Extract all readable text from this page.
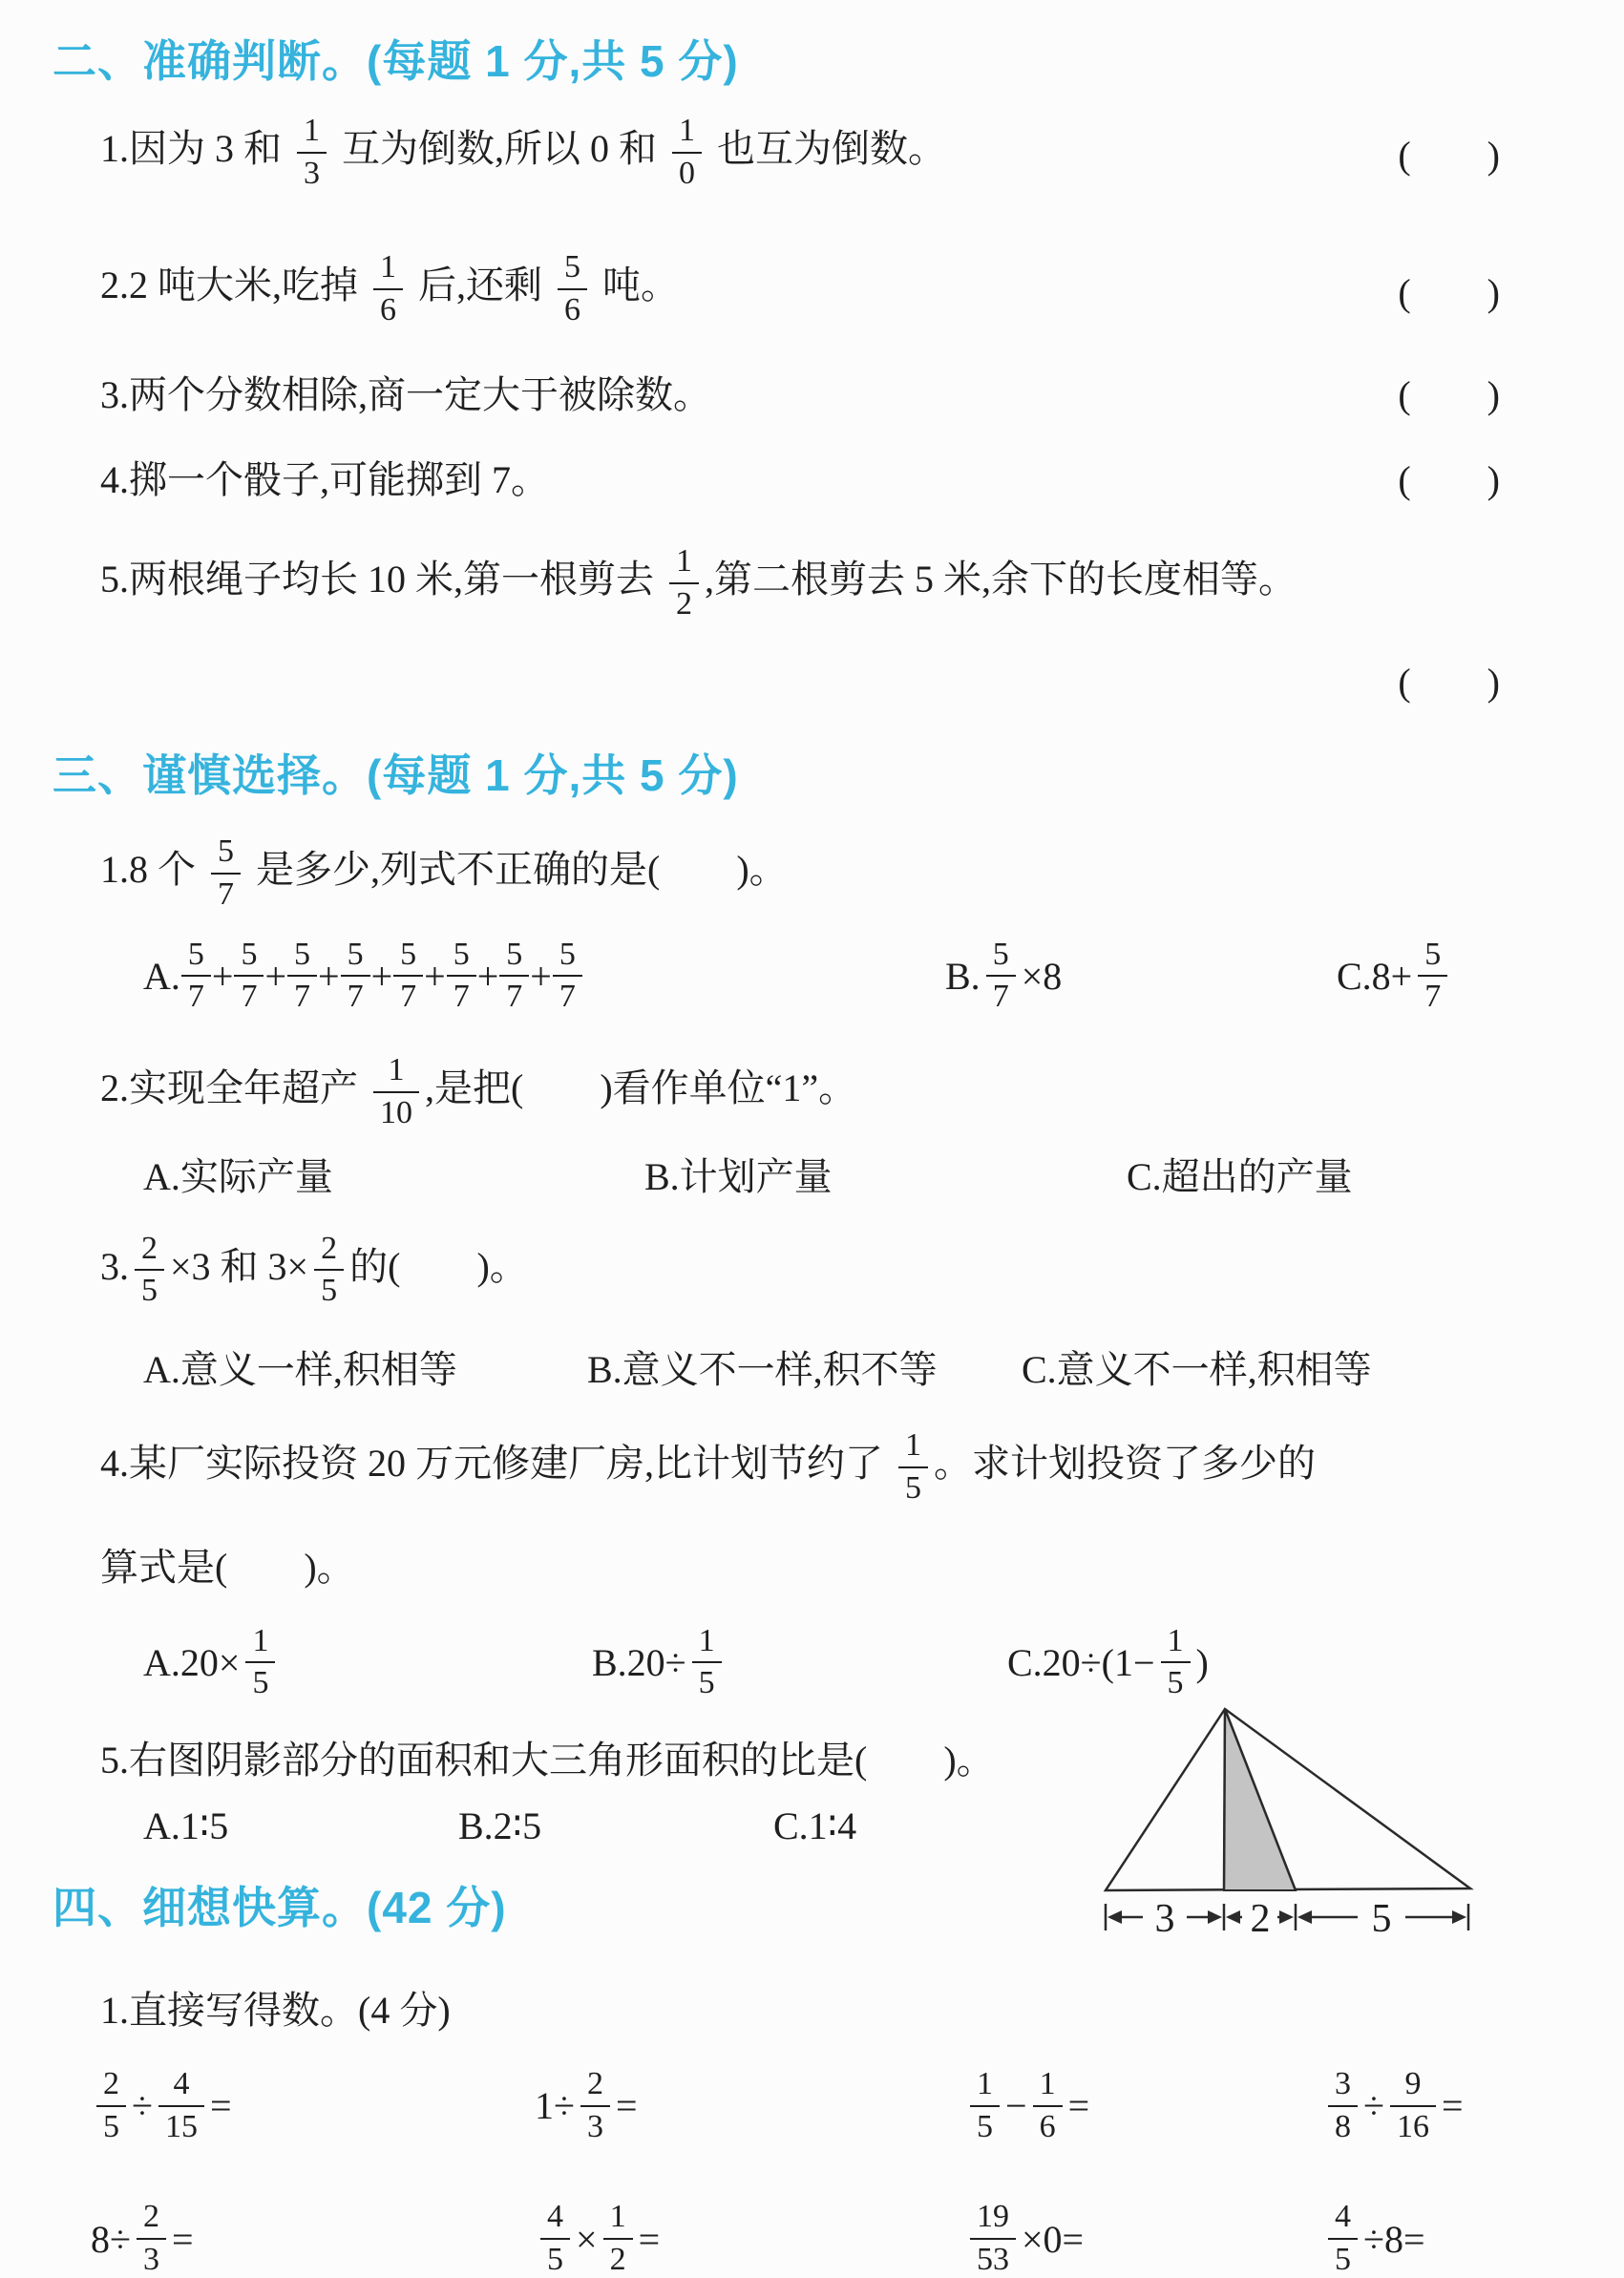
二、准确判断。(每题 1 分,共 5 分)
1.因为 3 和 $\frac{1}{3}$ 互为倒数,所以 0 和 $\frac{1}{0}$ 也互为倒数。	(　　)
2.2 吨大米,吃掉 $\frac{1}{6}$ 后,还剩 $\frac{5}{6}$ 吨。	(　　)
3.两个分数相除,商一定大于被除数。	(　　)
4.掷一个骰子,可能掷到 7。	(　　)
5.两根绳子均长 10 米,第一根剪去 $\frac{1}{2}$ ,第二根剪去 5 米,余下的长度相等。
(　　)
三、谨慎选择。(每题 1 分,共 5 分)
1.8 个 $\frac{5}{7}$ 是多少,列式不正确的是(　　)。
A. $\frac{5}{7} + \frac{5}{7} + \frac{5}{7} + \frac{5}{7} + \frac{5}{7} + \frac{5}{7} + \frac{5}{7} + \frac{5}{7}$	B. $\frac{5}{7} \times 8$	$C.8+ \frac{5}{7}$
2.实现全年超产 $\frac{1}{10}$ ,是把(　　)看作单位“1”。
A.实际产量	B.计划产量	C.超出的产量
3. $\frac{2}{5} \times 3$ 和 $3\times \frac{2}{5}$ 的(　　)。
A.意义一样,积相等	B.意义不一样,积不等	C.意义不一样,积相等
4.某厂实际投资 20 万元修建厂房,比计划节约了 $\frac{1}{5}$ 。求计划投资了多少的
算式是(　　)。
$A.20\times \frac{1}{5}$	$B.20\div \frac{1}{5}$	$C.20\div(1- \frac{1}{5}$ )
5.右图阴影部分的面积和大三角形面积的比是(　　)。
A.1∶5	B.2∶5	C.1∶4
3 2	5
四、细想快算。(42 分)
1.直接写得数。(4 分)
$\frac{2}{5} \div \frac{4}{15}$ =	$1\div \frac{2}{3}$ =	$\frac{1}{5} - \frac{1}{6}$ =	$\frac{3}{8} \div \frac{9}{16}$ =
$8\div \frac{2}{3}$ =	$\frac{4}{5} \times \frac{1}{2}$ =	$\frac{19}{53} \times 0=$	$\frac{4}{5} \div 8=$
